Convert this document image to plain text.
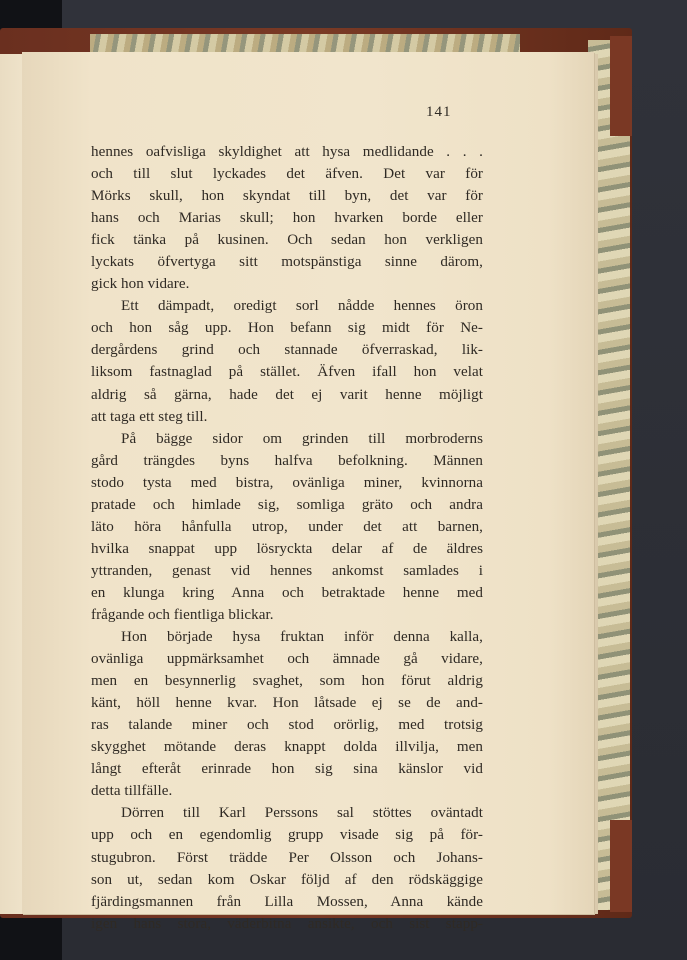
141
hennes oafvisliga skyldighet att hysa medlidande . . .
och till slut lyckades det äfven. Det var för
Mörks skull, hon skyndat till byn, det var för
hans och Marias skull; hon hvarken borde eller
fick tänka på kusinen. Och sedan hon verkligen
lyckats öfvertyga sitt motspänstiga sinne därom,
gick hon vidare.
Ett dämpadt, oredigt sorl nådde hennes öron
och hon såg upp. Hon befann sig midt för Ne-
dergårdens grind och stannade öfverraskad, lik-
liksom fastnaglad på stället. Äfven ifall hon velat
aldrig så gärna, hade det ej varit henne möjligt
att taga ett steg till.
På bägge sidor om grinden till morbroderns
gård trängdes byns halfva befolkning. Männen
stodo tysta med bistra, ovänliga miner, kvinnorna
pratade och himlade sig, somliga gräto och andra
läto höra hånfulla utrop, under det att barnen,
hvilka snappat upp lösryckta delar af de äldres
yttranden, genast vid hennes ankomst samlades i
en klunga kring Anna och betraktade henne med
frågande och fientliga blickar.
Hon började hysa fruktan inför denna kalla,
ovänliga uppmärksamhet och ämnade gå vidare,
men en besynnerlig svaghet, som hon förut aldrig
känt, höll henne kvar. Hon låtsade ej se de and-
ras talande miner och stod orörlig, med trotsig
skygghet mötande deras knappt dolda illvilja, men
långt efteråt erinrade hon sig sina känslor vid
detta tillfälle.
Dörren till Karl Perssons sal stöttes oväntadt
upp och en egendomlig grupp visade sig på för-
stugubron. Först trädde Per Olsson och Johans-
son ut, sedan kom Oskar följd af den rödskäggige
fjärdingsmannen från Lilla Mossen, Anna kände
igen hans stora, väderbitna ansikte, och sist stapp-
